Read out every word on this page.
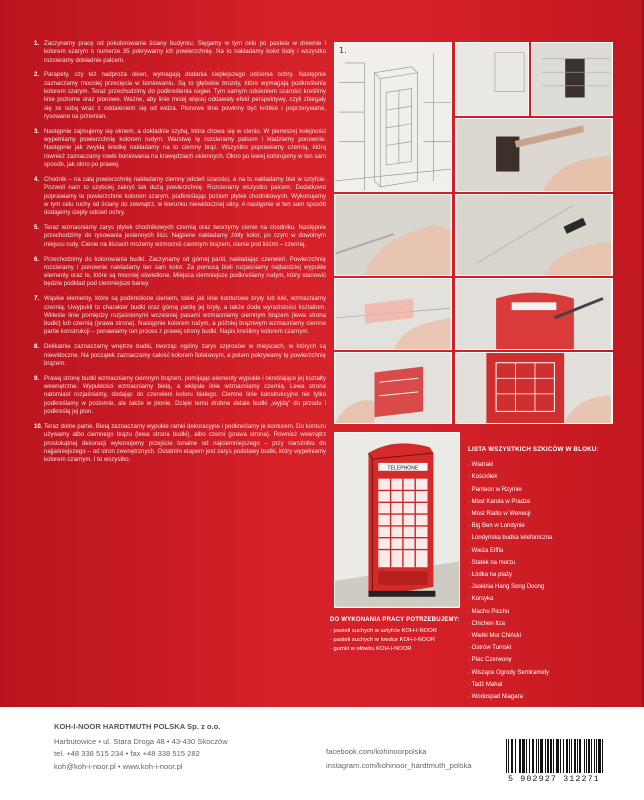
1. Zaczynamy pracę od pokolorowania ściany budynku. Sięgamy w tym celu po pastele w drewnie i kolorem szarym o numerze 35 pokrywamy ich powierzchnię. Na to nakładamy kolor biały i wszystko rozcieramy dokładnie palcem.
2. Parapety, czy też nadproża okien, wymagają dodania ciepłejszego odcienia ochry. Następnie zaznaczamy mocniej przecięcia w boniowaniu. Są to głębokie bruzdy, które wymagają podkreślenia kolorem szarym. Teraz przechodzimy do podkreślenia cegieł. Tym samym odcieniem szarości kreślimy linie poziome oraz pionowe. Ważne, aby linie mniej więcej oddawały efekt perspektywy, czyli zbiegały się ze sobą wraz z oddaleniem się od widza. Pionowe linie powinny być krótkie i poprzerywane, rysowane na przemian.
3. Następnie zajmujemy się oknem, a dokładnie szybą, która chowa się w cieniu. W pierwszej kolejności wypełniamy powierzchnię kolorem rudym. Warstwę tę rozcieramy palcem i kładziemy ponownie. Następnie jak zwykłą kredkę nakładamy na to ciemny brąz. Wszystko poprawiamy czernią, którą również zaznaczamy rowki boniowania na krawędziach okiennych. Okno po lewej kolorujemy w ten sam sposób, jak okno po prawej.
4. Chodnik – na całą powierzchnię nakładamy ciemny odcień szarości, a na to nakładamy biel w sztyfcie. Pozwoli nam to szybciej zakryć tak dużą powierzchnię. Rozcieramy wszystko palcem. Dodatkowo poprawiamy te powierzchnie kolorem szarym, podkreślając poziom płytek chodnikowych. Wykonujemy w tym celu ruchy od ściany do zewnątrz, w kierunku niewidocznej ulicy. A następnie w ten sam sposób dodajemy ciepły odcień ochry.
5. Teraz wzmacniamy zarys płytek chodnikowych czernią oraz tworzymy cienie na chodniku. Następnie przechodzimy do rysowania jesiennych liści. Najpierw nakładamy żółty kolor, po czym w dowolnym miejscu rudy. Cienie na liściach możemy wzmocnić ciemnym brązem, cienie pod liśćmi – czernią.
6. Przechodzimy do kolorowania budki. Zaczynamy od górnej partii, nakładając czerwień. Powierzchnię rozcieramy i ponownie nakładamy ten sam kolor. Za pomocą bieli rozjaśniamy najbardziej wypukłe elementy oraz te, które są mocniej oświetlone. Miejsca ciemniejsze podkreślamy rudym, który stanowić będzie podkład pod ciemniejsze barwy.
7. Wąskie elementy, które są podkreślone cieniem, takie jak linie konturowe bryły lub łuki, wzmacniamy czernią. Uwypukli to charakter budki oraz górną partię jej bryły, a także doda wyrazistości kształtom. Wkleśle linie pomiędzy rozjaśnionymi wcześniej pasami wzmacniamy ciemnym brązem (lewa strona budki) lub czernią (prawa strona). Następnie kolorem rudym, a później brązowym wzmacniamy ciemne partie konstrukcji – ponawiamy ten proces z prawej strony budki. Napis kreślimy kolorem czarnym.
8. Delikatnie zaznaczamy wnętrze budki, tworząc ogólny zarys szprosów w miejscach, w których są niewidoczne. Na początek zaznaczamy całość kolorem fioletowym, a potem pokrywamy tę powierzchnię brązem.
9. Prawą stronę budki wzmacniamy ciemnym brązem, pomijając elementy wypukłe i określające jej kształty wewnętrzne. Wypukłości wzmacniamy bielą, a wklęsłe linie wzmacniamy czernią. Lewa strona natomiast rozjaśniamy, dodając do czerwieni koloru białego. Ciemne linie konstrukcyjne nie tylko podkreślamy w poziomie, ale także w pionie. Dzięki temu drobne detale budki „wyjdą" do przodu i podkreślą jej pion.
10. Teraz dolne partie. Bielą zaznaczamy wypukłe ramki dekoracyjne i podkreślamy je konturem. Do konturu używamy albo ciemnego brązu (lewa strona budki), albo czerni (prawa strona). Również wewnątrz prostokątnej dekoracji wykonujemy przejście tonalne od najciemniejszego – przy narożniku do najjaśniejszego – od stron zewnętrznych. Ostatnim etapem jest zarys podstawy budki, który wypełniamy kolorem czarnym. I to wszystko.
1.
TELEPHONE
DO WYKONANIA PRACY POTRZEBUJEMY:
· pasteli suchych w sztyfcie KOH-I-NOOR
· pasteli suchych w kredce KOH-I-NOOR
· gumki w ołówku KOH-I-NOOR
LISTA WSZYSTKICH SZKICÓW W BLOKU:
· Wiatraki
· Kościółek
· Panteon w Rzymie
· Most Karola w Pradze
· Most Rialto w Wenecji
· Big Ben w Londynie
· Londyńska budka telefoniczna
· Wieża Eiffla
· Statek na morzu
· Łódka na plaży
· Jaskinia Hang Song Doong
· Korsyka
· Machu Picchu
· Chichen Itza
· Wielki Mur Chiński
· Ostrów Tumski
· Plac Czerwony
· Wiszące Ogrody Semiramidy
· Tadż Mahal
· Wodospad Niagara
KOH-I-NOOR HARDTMUTH POLSKA Sp. z o.o.
Harbutowice • ul. Stara Droga 48 • 43-430 Skoczów
tel. +48 338 515 234 • fax +48 338 515 282
koh@koh-i-noor.pl • www.koh-i-noor.pl
facebook.com/kohinoorpolska
instagram.com/kohinoor_hardtmuth_polska
5 902927 312271
